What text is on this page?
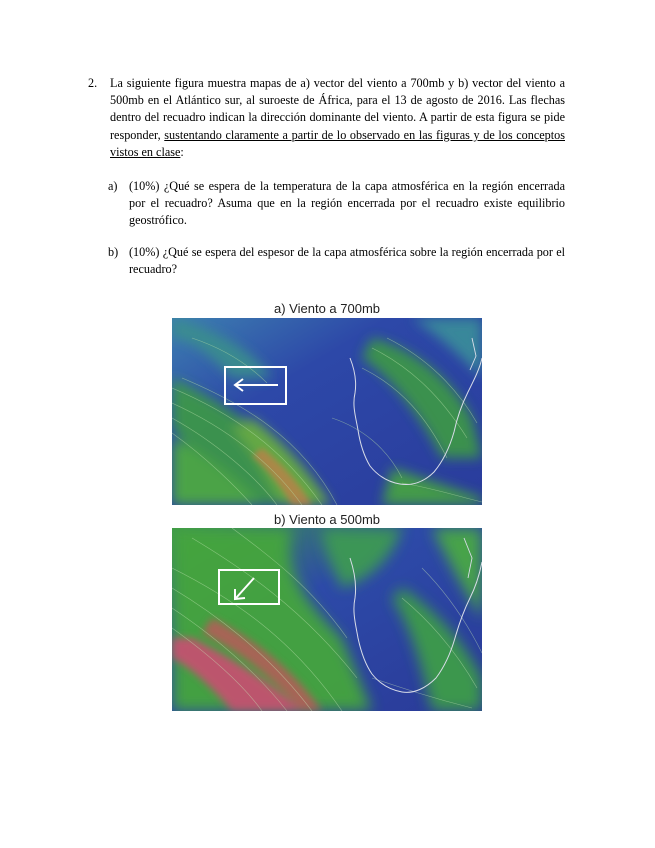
2. La siguiente figura muestra mapas de a) vector del viento a 700mb y b) vector del viento a 500mb en el Atlántico sur, al suroeste de África, para el 13 de agosto de 2016. Las flechas dentro del recuadro indican la dirección dominante del viento. A partir de esta figura se pide responder, sustentando claramente a partir de lo observado en las figuras y de los conceptos vistos en clase:
a) (10%) ¿Qué se espera de la temperatura de la capa atmosférica en la región encerrada por el recuadro? Asuma que en la región encerrada por el recuadro existe equilibrio geostrófico.
b) (10%) ¿Qué se espera del espesor de la capa atmosférica sobre la región encerrada por el recuadro?
a) Viento a 700mb
b) Viento a 500mb
